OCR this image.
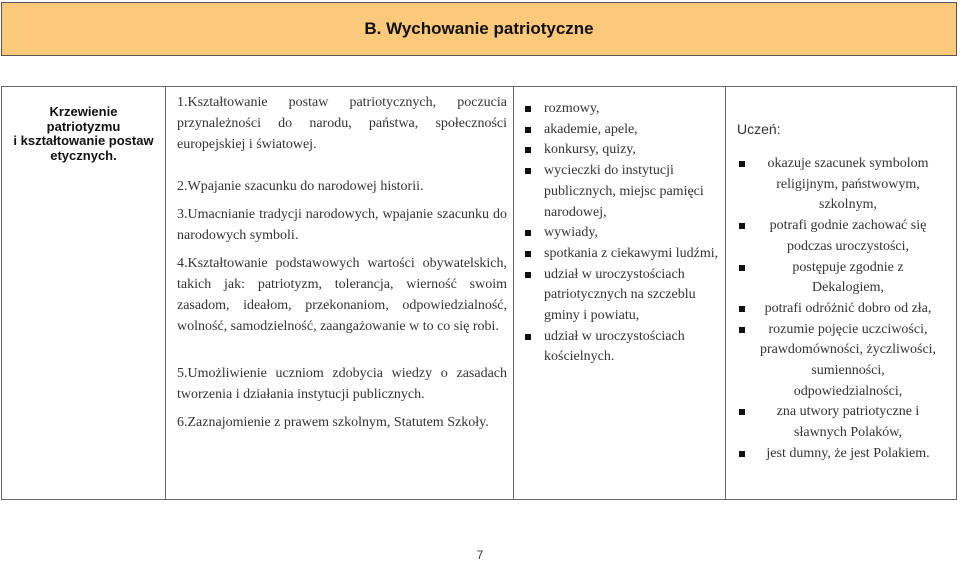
B. Wychowanie patriotyczne
Krzewienie
patriotyzmu
i kształtowanie postaw
etycznych.
1.Kształtowanie postaw patriotycznych, poczucia przynależności do narodu, państwa, społeczności europejskiej i światowej.
2.Wpajanie szacunku do narodowej historii.
3.Umacnianie tradycji narodowych, wpajanie szacunku do narodowych symboli.
4.Kształtowanie podstawowych wartości obywatelskich, takich jak: patriotyzm, tolerancja, wierność swoim zasadom, ideałom, przekonaniom, odpowiedzialność, wolność, samodzielność, zaangażowanie w to co się robi.
5.Umożliwienie uczniom zdobycia wiedzy o zasadach tworzenia i działania instytucji publicznych.
6.Zaznajomienie z prawem szkolnym, Statutem Szkoły.
rozmowy,
akademie, apele,
konkursy, quizy,
wycieczki do instytucji publicznych, miejsc pamięci narodowej,
wywiady,
spotkania z ciekawymi ludźmi,
udział w uroczystościach patriotycznych na szczeblu gminy i powiatu,
udział w uroczystościach kościelnych.
Uczeń:
okazuje szacunek symbolom religijnym, państwowym, szkolnym,
potrafi godnie zachować się podczas uroczystości,
postępuje zgodnie z Dekalogiem,
potrafi odróżnić dobro od zła,
rozumie pojęcie uczciwości, prawdomówności, życzliwości, sumienności, odpowiedzialności,
zna utwory patriotyczne i sławnych Polaków,
jest dumny, że jest Polakiem.
7
